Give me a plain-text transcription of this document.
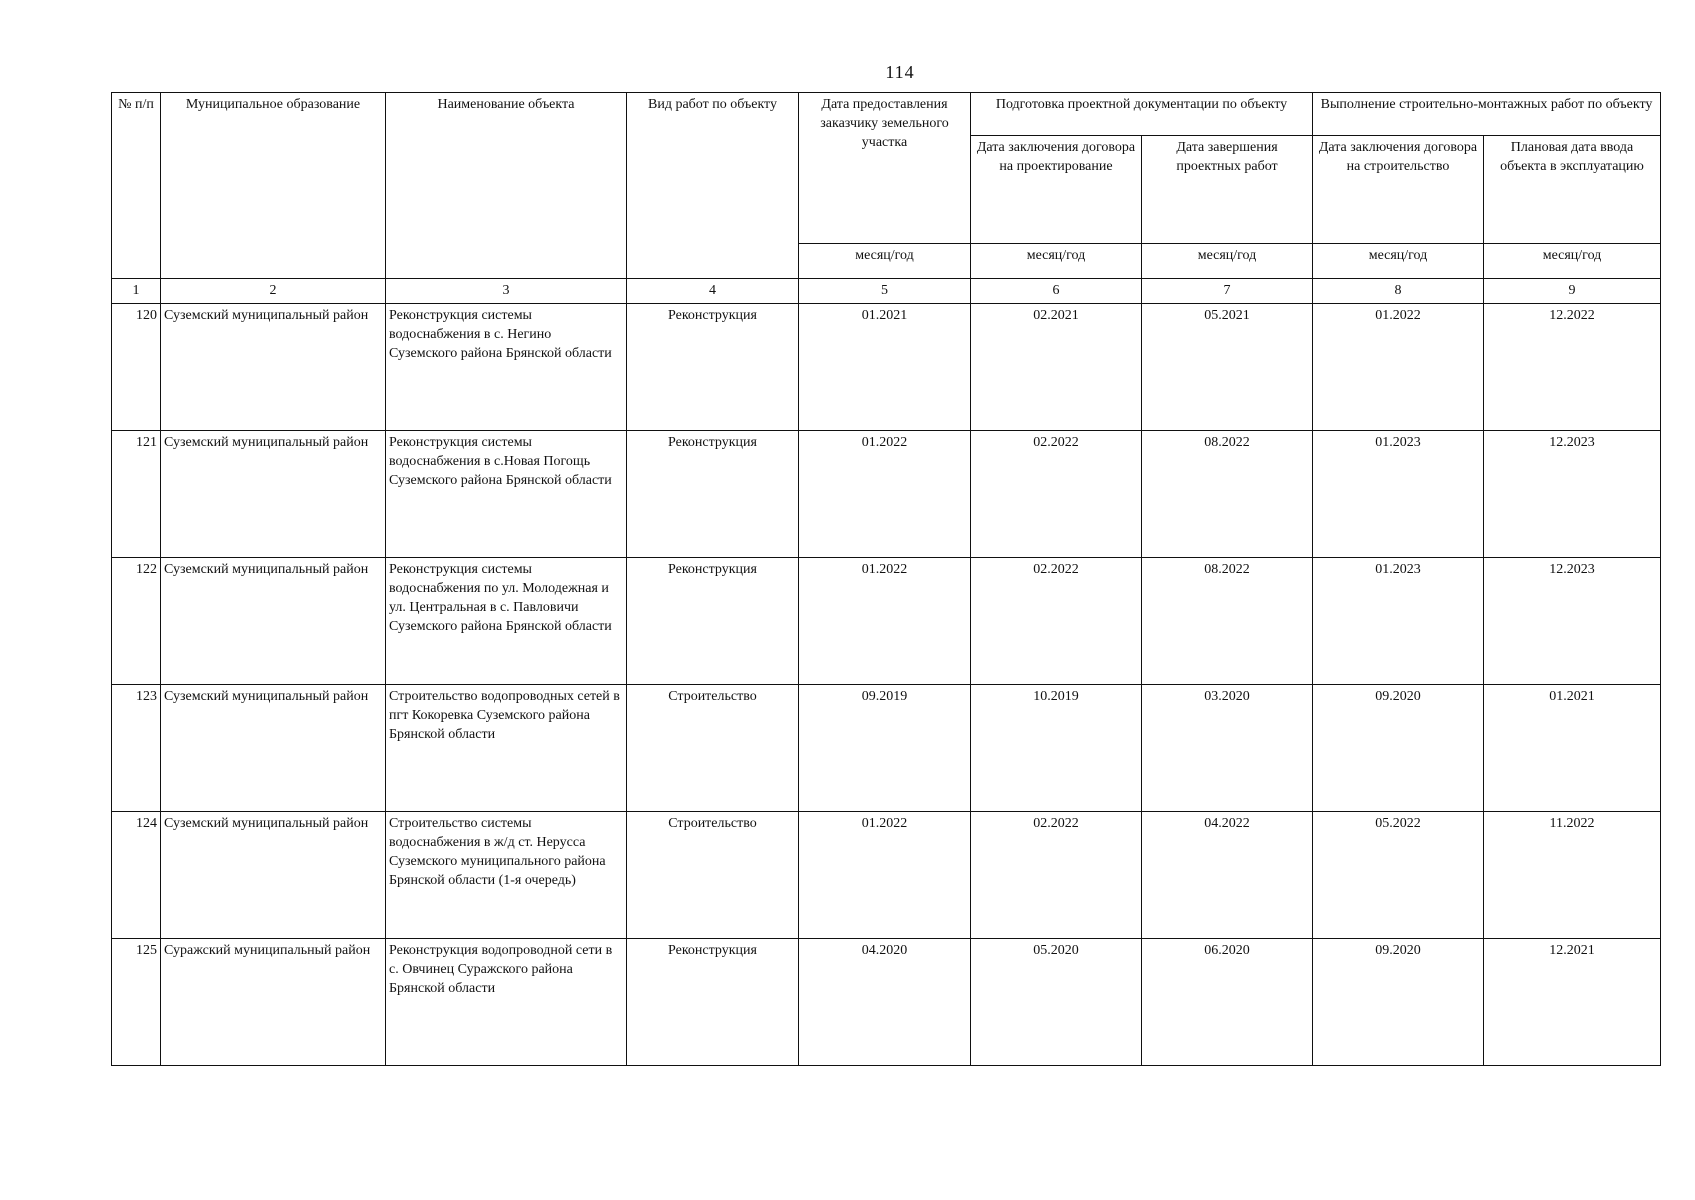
114
№ п/п	Муниципальное образование	Наименование объекта	Вид работ по объекту	Дата предоставления заказчику земельного участка	Подготовка проектной документации по объекту		Выполнение строительно-монтажных работ по объекту	
					Дата заключения договора на проектирование	Дата завершения проектных работ	Дата заключения договора на строительство	Плановая дата ввода объекта в эксплуатацию
				месяц/год	месяц/год	месяц/год	месяц/год	месяц/год
1	2	3	4	5	6	7	8	9
120	Суземский муниципальный район	Реконструкция системы водоснабжения в с. Негино Суземского района Брянской области	Реконструкция	01.2021	02.2021	05.2021	01.2022	12.2022
121	Суземский муниципальный район	Реконструкция системы водоснабжения в с.Новая Погощь Суземского района Брянской области	Реконструкция	01.2022	02.2022	08.2022	01.2023	12.2023
122	Суземский муниципальный район	Реконструкция системы водоснабжения по ул. Молодежная и ул. Центральная в с. Павловичи Суземского района Брянской области	Реконструкция	01.2022	02.2022	08.2022	01.2023	12.2023
123	Суземский муниципальный район	Строительство водопроводных сетей в пгт Кокоревка Суземского района Брянской области	Строительство	09.2019	10.2019	03.2020	09.2020	01.2021
124	Суземский муниципальный район	Строительство системы водоснабжения в ж/д ст. Нерусса Суземского муниципального района Брянской области (1-я очередь)	Строительство	01.2022	02.2022	04.2022	05.2022	11.2022
125	Суражский муниципальный район	Реконструкция водопроводной сети в с. Овчинец Суражского района Брянской области	Реконструкция	04.2020	05.2020	06.2020	09.2020	12.2021
